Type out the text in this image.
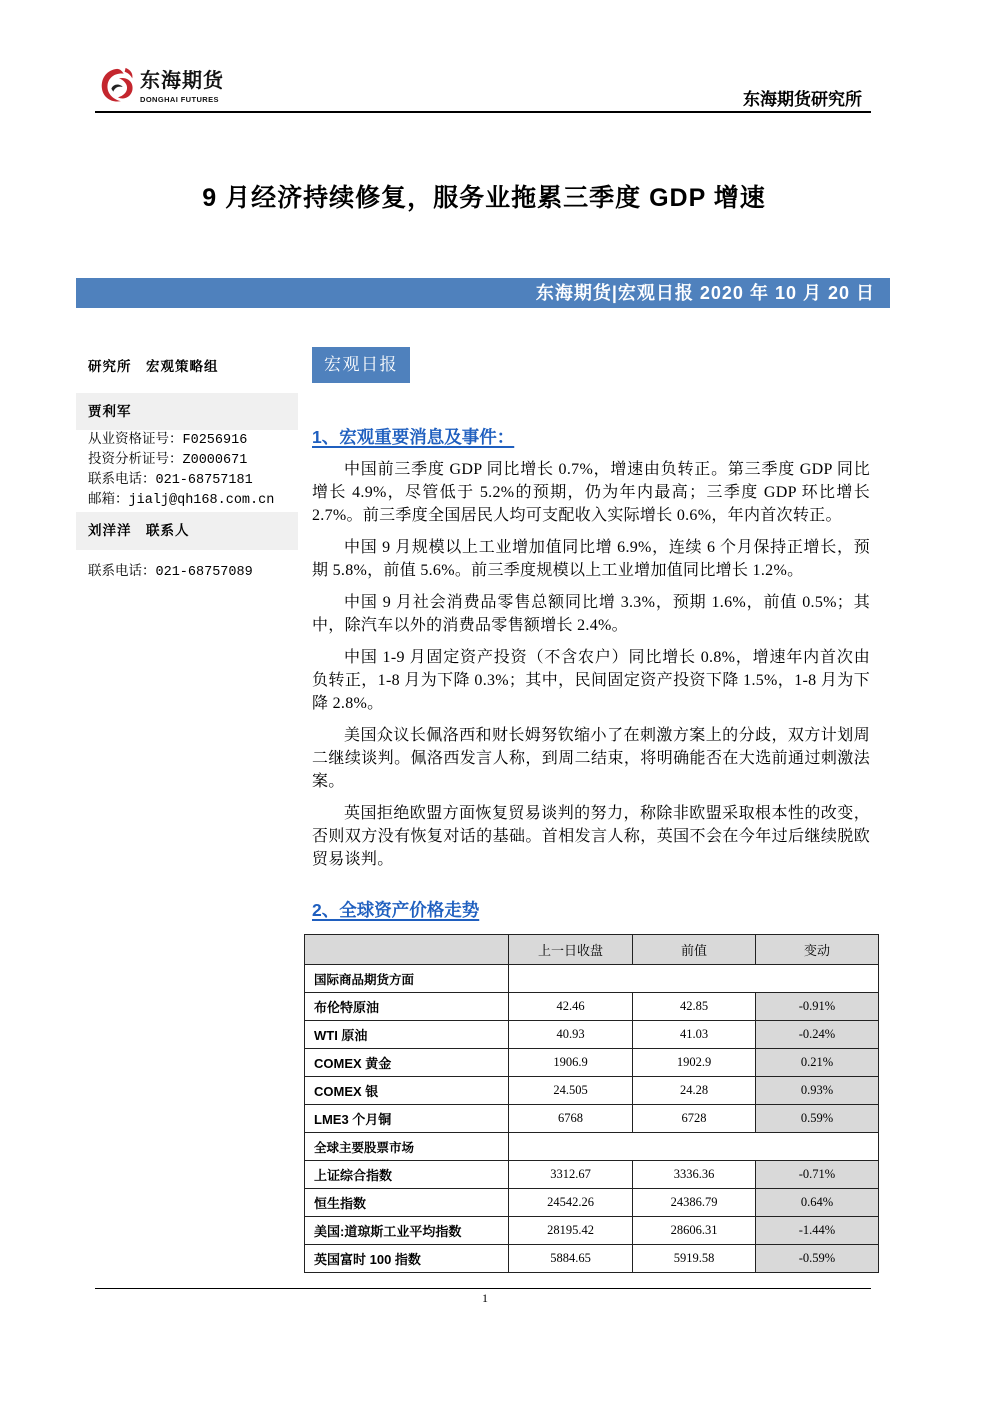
东海期货
DONGHAI FUTURES	东海期货研究所
9 月经济持续修复，服务业拖累三季度 GDP 增速
东海期货|宏观日报 2020 年 10 月 20 日
研究所　宏观策略组
贾利军
从业资格证号：F0256916
投资分析证号：Z0000671
联系电话：021-68757181
邮箱：jialj@qh168.com.cn
刘洋洋　联系人
联系电话：021-68757089
宏观日报
1、宏观重要消息及事件：

中国前三季度 GDP 同比增长 0.7%，增速由负转正。第三季度 GDP 同比增长 4.9%，尽管低于 5.2%的预期，仍为年内最高；三季度 GDP 环比增长 2.7%。前三季度全国居民人均可支配收入实际增长 0.6%，年内首次转正。

中国 9 月规模以上工业增加值同比增 6.9%，连续 6 个月保持正增长，预期 5.8%，前值 5.6%。前三季度规模以上工业增加值同比增长 1.2%。

中国 9 月社会消费品零售总额同比增 3.3%，预期 1.6%，前值 0.5%；其中，除汽车以外的消费品零售额增长 2.4%。

中国 1-9 月固定资产投资（不含农户）同比增长 0.8%，增速年内首次由负转正，1-8 月为下降 0.3%；其中，民间固定资产投资下降 1.5%，1-8 月为下降 2.8%。

美国众议长佩洛西和财长姆努钦缩小了在刺激方案上的分歧，双方计划周二继续谈判。佩洛西发言人称，到周二结束，将明确能否在大选前通过刺激法案。

英国拒绝欧盟方面恢复贸易谈判的努力，称除非欧盟采取根本性的改变，否则双方没有恢复对话的基础。首相发言人称，英国不会在今年过后继续脱欧贸易谈判。

2、全球资产价格走势
	上一日收盘	前值	变动
国际商品期货方面			
布伦特原油	42.46	42.85	-0.91%
WTI 原油	40.93	41.03	-0.24%
COMEX 黄金	1906.9	1902.9	0.21%
COMEX 银	24.505	24.28	0.93%
LME3 个月铜	6768	6728	0.59%
全球主要股票市场			
上证综合指数	3312.67	3336.36	-0.71%
恒生指数	24542.26	24386.79	0.64%
美国:道琼斯工业平均指数	28195.42	28606.31	-1.44%
英国富时 100 指数	5884.65	5919.58	-0.59%
1
